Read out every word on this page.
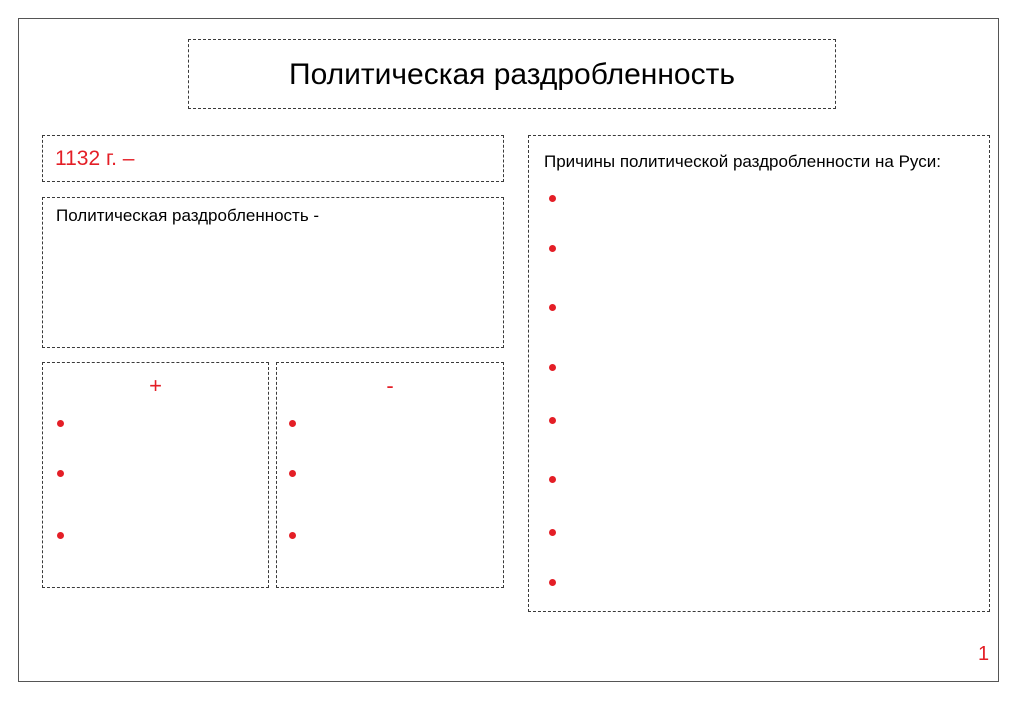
Политическая раздробленность
1132 г. –
Политическая раздробленность -
+	-
Причины политической раздробленности на Руси:
1
